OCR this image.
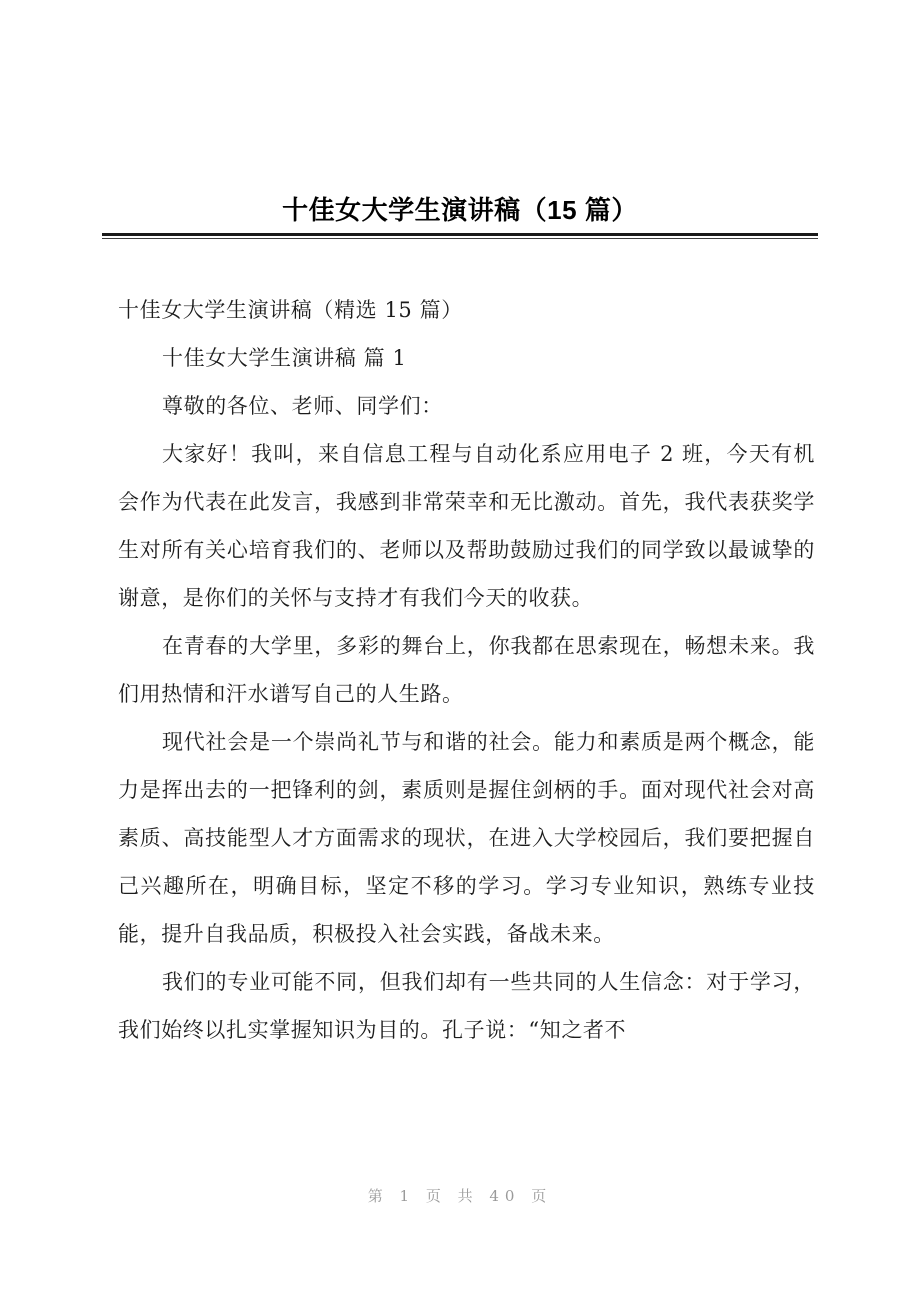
十佳女大学生演讲稿（15 篇）

十佳女大学生演讲稿（精选 15 篇）

十佳女大学生演讲稿 篇 1

尊敬的各位、老师、同学们：

大家好！我叫，来自信息工程与自动化系应用电子 2 班，今天有机会作为代表在此发言，我感到非常荣幸和无比激动。首先，我代表获奖学生对所有关心培育我们的、老师以及帮助鼓励过我们的同学致以最诚挚的谢意，是你们的关怀与支持才有我们今天的收获。

在青春的大学里，多彩的舞台上，你我都在思索现在，畅想未来。我们用热情和汗水谱写自己的人生路。

现代社会是一个崇尚礼节与和谐的社会。能力和素质是两个概念，能力是挥出去的一把锋利的剑，素质则是握住剑柄的手。面对现代社会对高素质、高技能型人才方面需求的现状，在进入大学校园后，我们要把握自己兴趣所在，明确目标，坚定不移的学习。学习专业知识，熟练专业技能，提升自我品质，积极投入社会实践，备战未来。

我们的专业可能不同，但我们却有一些共同的人生信念：对于学习，我们始终以扎实掌握知识为目的。孔子说：“知之者不

第 1 页 共 40 页
